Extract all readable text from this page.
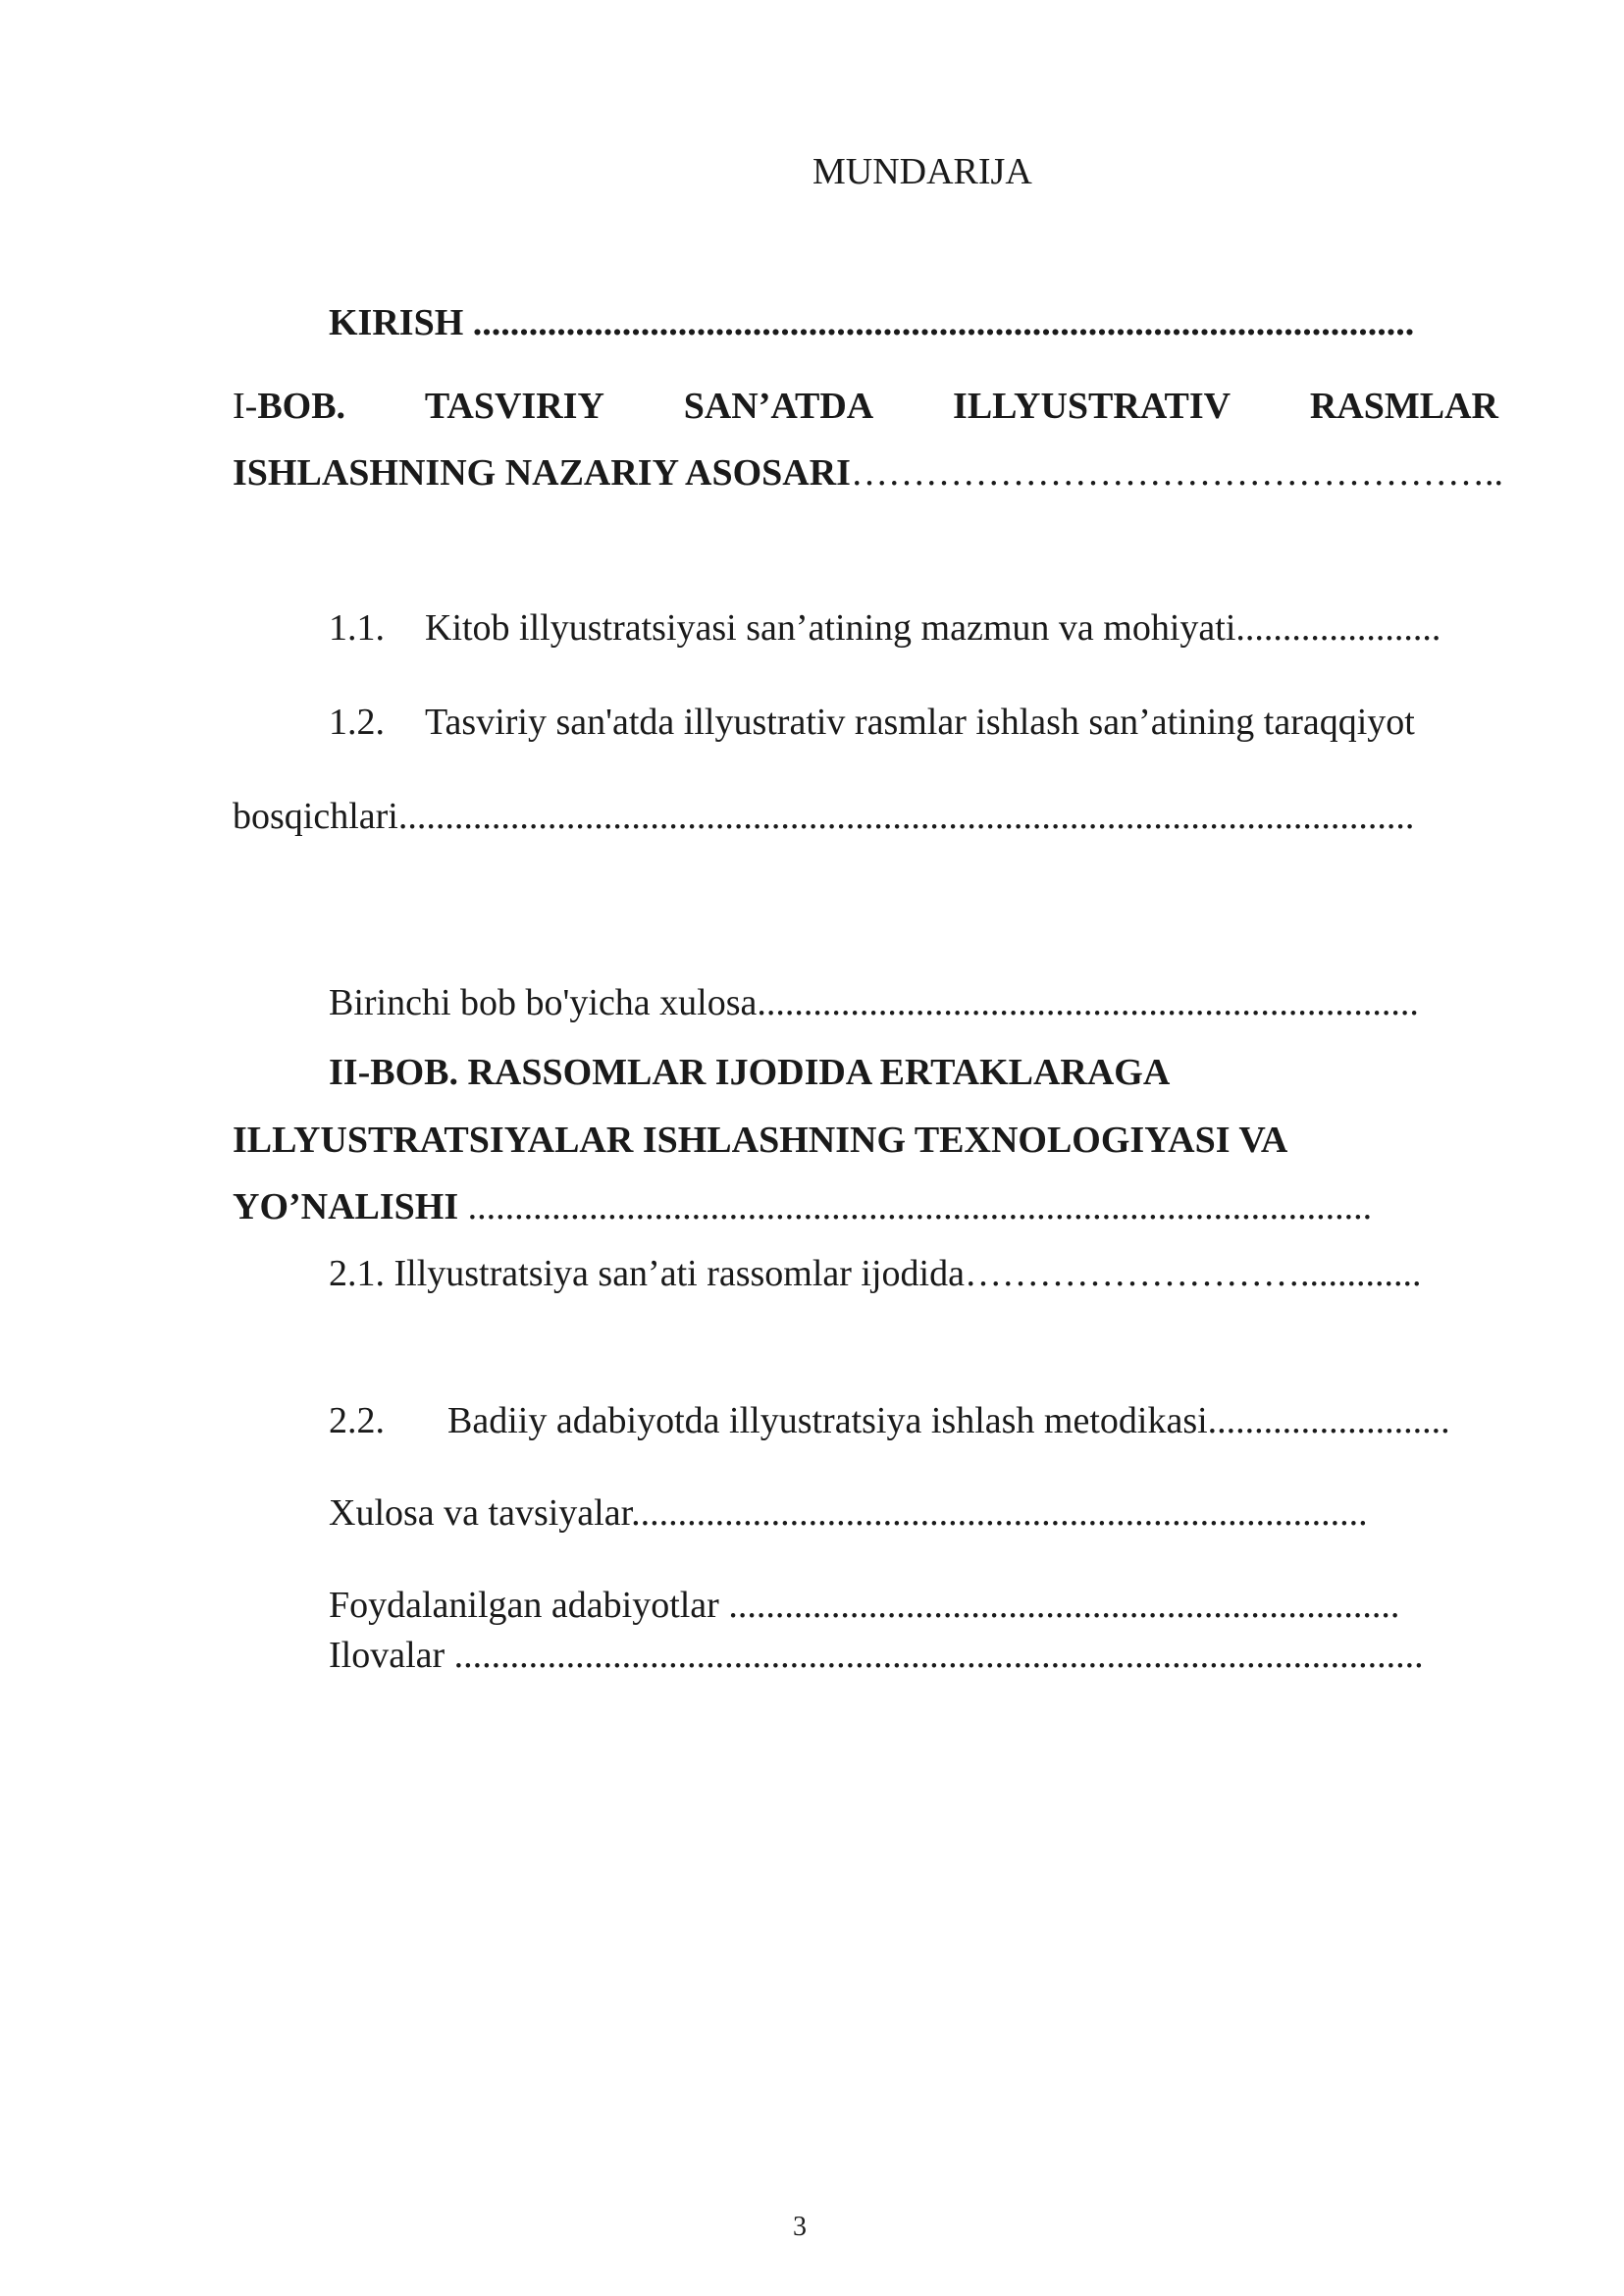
MUNDARIJA
KIRISH .....................................................................................................
I-BOB. TASVIRIY SAN’ATDA ILLYUSTRATIV RASMLAR
ISHLASHNING NAZARIY ASOSARI……………………………………………..
1.1. Kitob illyustratsiyasi san’atining mazmun va mohiyati......................
1.2. Tasviriy san'atda illyustrativ rasmlar ishlash san’atining taraqqiyot
bosqichlari.............................................................................................................
Birinchi bob bo'yicha xulosa.......................................................................
II-BOB. RASSOMLAR IJODIDA ERTAKLARAGA
ILLYUSTRATSIYALAR ISHLASHNING TEXNOLOGIYASI VA
YO’NALISHI .................................................................................................
2.1. Illyustratsiya san’ati rassomlar ijodida……………………….............
2.2. Badiiy adabiyotda illyustratsiya ishlash metodikasi..........................
Xulosa va tavsiyalar...............................................................................
Foydalanilgan adabiyotlar ........................................................................
Ilovalar ........................................................................................................
3
